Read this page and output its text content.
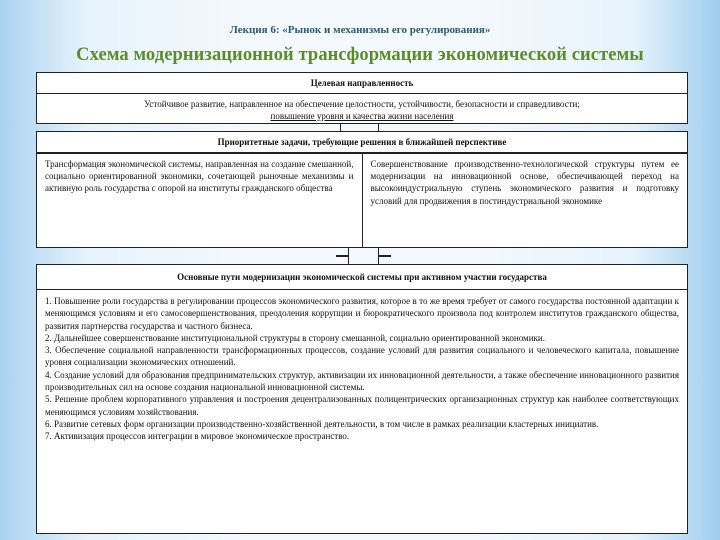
Лекция 6: «Рынок и механизмы его регулирования»
Схема модернизационной трансформации экономической системы
Целевая направленность
Устойчивое развитие, направленное на обеспечение целостности, устойчивости, безопасности и справедливости;
повышение уровня и качества жизни населения
Приоритетные задачи, требующие решения в ближайшей перспективе
Трансформация экономической системы, направленная на создание смешанной, социально ориентированной экономики, сочетающей рыночные механизмы и активную роль государства с опорой на институты гражданского общества
Совершенствование производственно-технологической структуры путем ее модернизации на инновационной основе, обеспечивающей переход на высокоиндустриальную ступень экономического развития и подготовку условий для продвижения в постиндустриальной экономике
Основные пути модернизации экономической системы при активном участии государства
1. Повышение роли государства в регулировании процессов экономического развития, которое в то же время требует от самого государства постоянной адаптации к меняющимся условиям и его самосовершенствования, преодоления коррупции и бюрократического произвола под контролем институтов гражданского общества, развития партнерства государства и частного бизнеса.
2. Дальнейшее совершенствование институциональной структуры в сторону смешанной, социально ориентированной экономики.
3. Обеспечение социальной направленности трансформационных процессов, создание условий для развития социального и человеческого капитала, повышение уровня социализации экономических отношений.
4. Создание условий для образования предпринимательских структур, активизации их инновационной деятельности, а также обеспечение инновационного развития производительных сил на основе создания национальной инновационной системы.
5. Решение проблем корпоративного управления и построения децентрализованных полицентрических организационных структур как наиболее соответствующих меняющимся условиям хозяйствования.
6. Развитие сетевых форм организации производственно-хозяйственной деятельности, в том числе в рамках реализации кластерных инициатив.
7. Активизация процессов интеграции в мировое экономическое пространство.
